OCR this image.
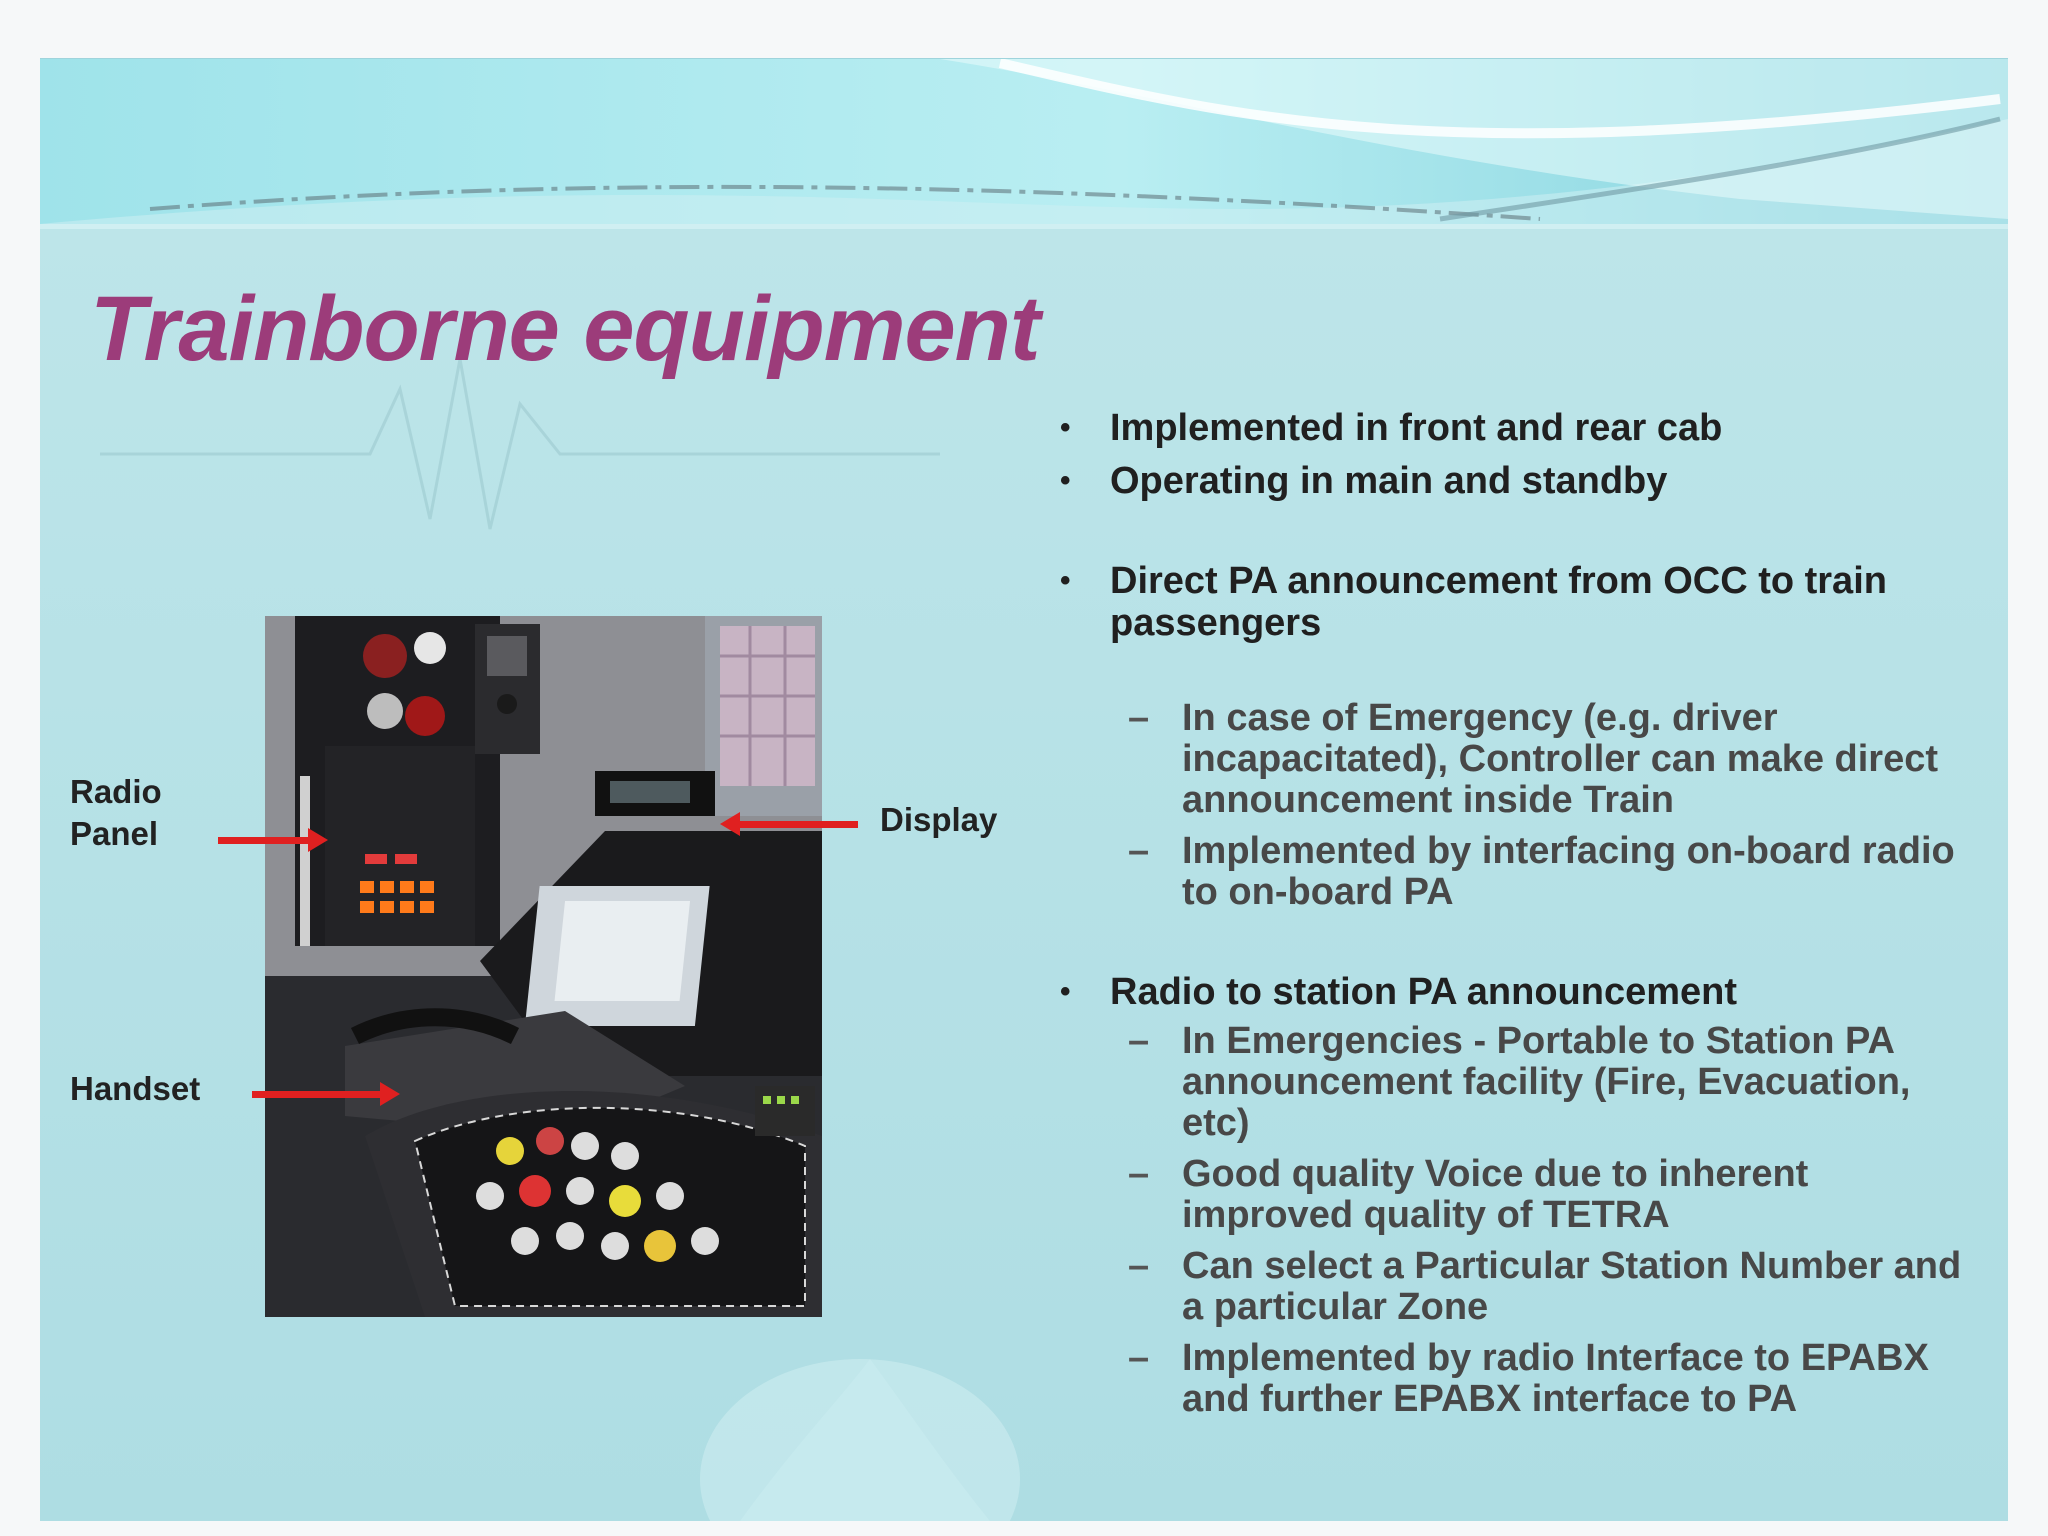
Trainborne equipment
Radio
Panel	Display
Handset
• Implemented in front and rear cab
• Operating in main and standby
• Direct PA announcement from OCC to train passengers
– In case of Emergency (e.g. driver incapacitated), Controller can make direct announcement inside Train
– Implemented by interfacing on-board radio to on-board PA
• Radio to station PA announcement
– In Emergencies - Portable to Station PA announcement facility (Fire, Evacuation, etc)
– Good quality Voice due to inherent improved quality of TETRA
– Can select a Particular Station Number and a particular Zone
– Implemented by radio Interface to EPABX and further EPABX interface to PA
